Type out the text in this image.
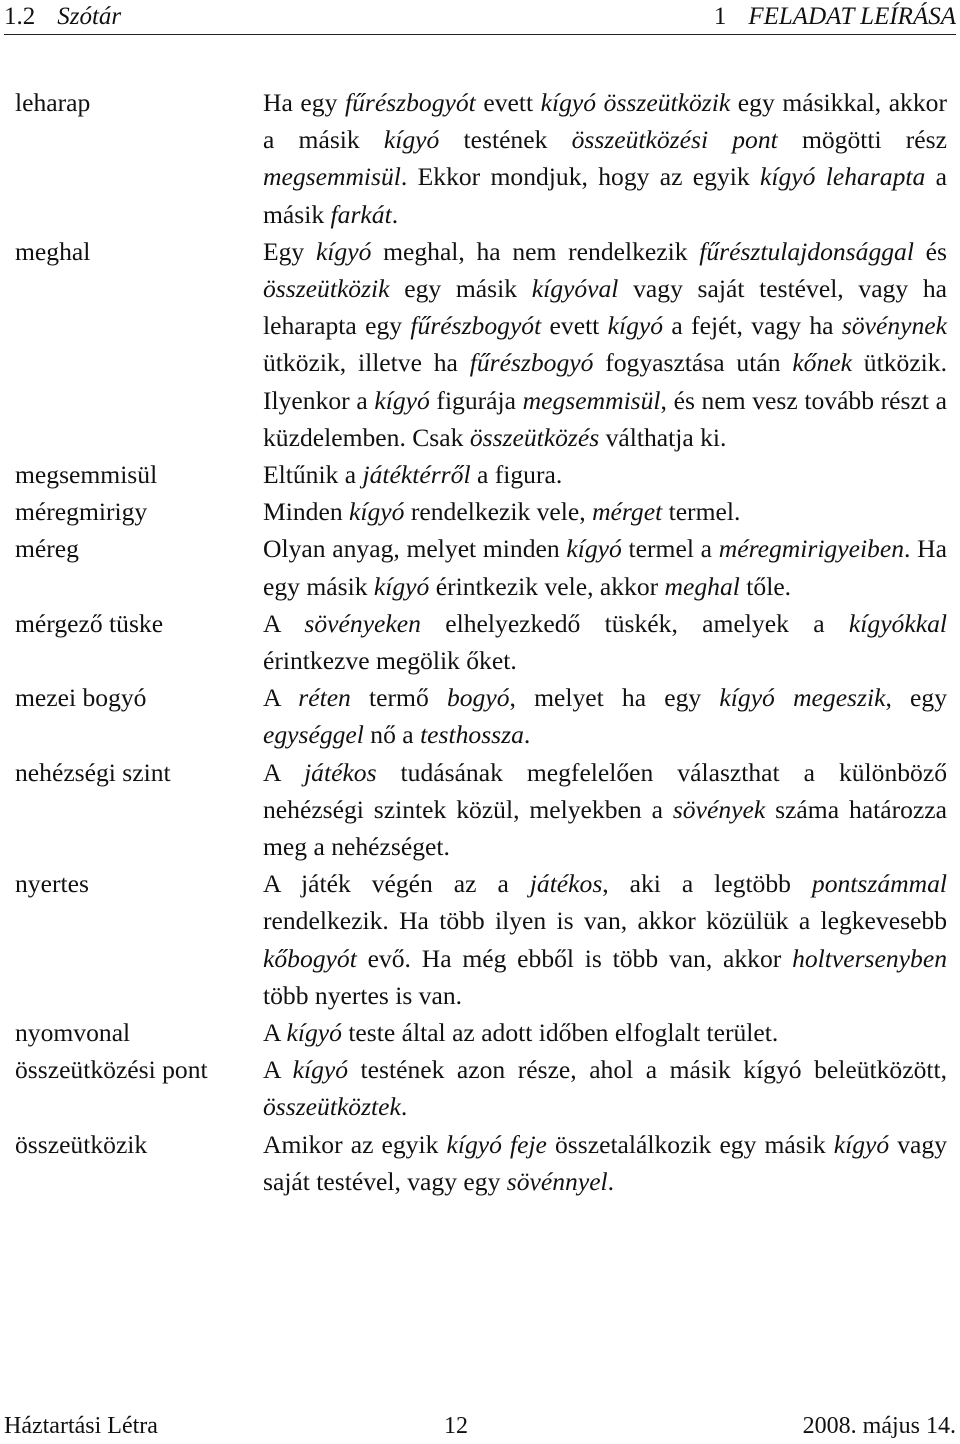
1.2 Szótár	1 FELADAT LEÍRÁSA
leharap	Ha egy fűrészbogyót evett kígyó összeütközik egy másikkal, akkor a másik kígyó testének összeütközési pont mögötti rész megsemmisül. Ekkor mondjuk, hogy az egyik kígyó leharapta a másik farkát.
meghal	Egy kígyó meghal, ha nem rendelkezik fűrésztulajdonsággal és összeütközik egy másik kígyóval vagy saját testével, vagy ha leharapta egy fűrészbogyót evett kígyó a fejét, vagy ha sövénynek ütközik, illetve ha fűrészbogyó fogyasztása után kőnek ütközik. Ilyenkor a kígyó figurája megsemmisül, és nem vesz tovább részt a küzdelemben. Csak összeütközés válthatja ki.
megsemmisül	Eltűnik a játéktérről a figura.
méregmirigy	Minden kígyó rendelkezik vele, mérget termel.
méreg	Olyan anyag, melyet minden kígyó termel a méregmirigyeiben. Ha egy másik kígyó érintkezik vele, akkor meghal tőle.
mérgező tüske	A sövényeken elhelyezkedő tüskék, amelyek a kígyókkal érintkezve megölik őket.
mezei bogyó	A réten termő bogyó, melyet ha egy kígyó megeszik, egy egységgel nő a testhossza.
nehézségi szint	A játékos tudásának megfelelően választhat a különböző nehézségi szintek közül, melyekben a sövények száma határozza meg a nehézséget.
nyertes	A játék végén az a játékos, aki a legtöbb pontszámmal rendelkezik. Ha több ilyen is van, akkor közülük a legkevesebb kőbogyót evő. Ha még ebből is több van, akkor holtversenyben több nyertes is van.
nyomvonal	A kígyó teste által az adott időben elfoglalt terület.
összeütközési pont	A kígyó testének azon része, ahol a másik kígyó beleütközött, összeütköztek.
összeütközik	Amikor az egyik kígyó feje összetalálkozik egy másik kígyó vagy saját testével, vagy egy sövénnyel.
Háztartási Létra	12	2008. május 14.
